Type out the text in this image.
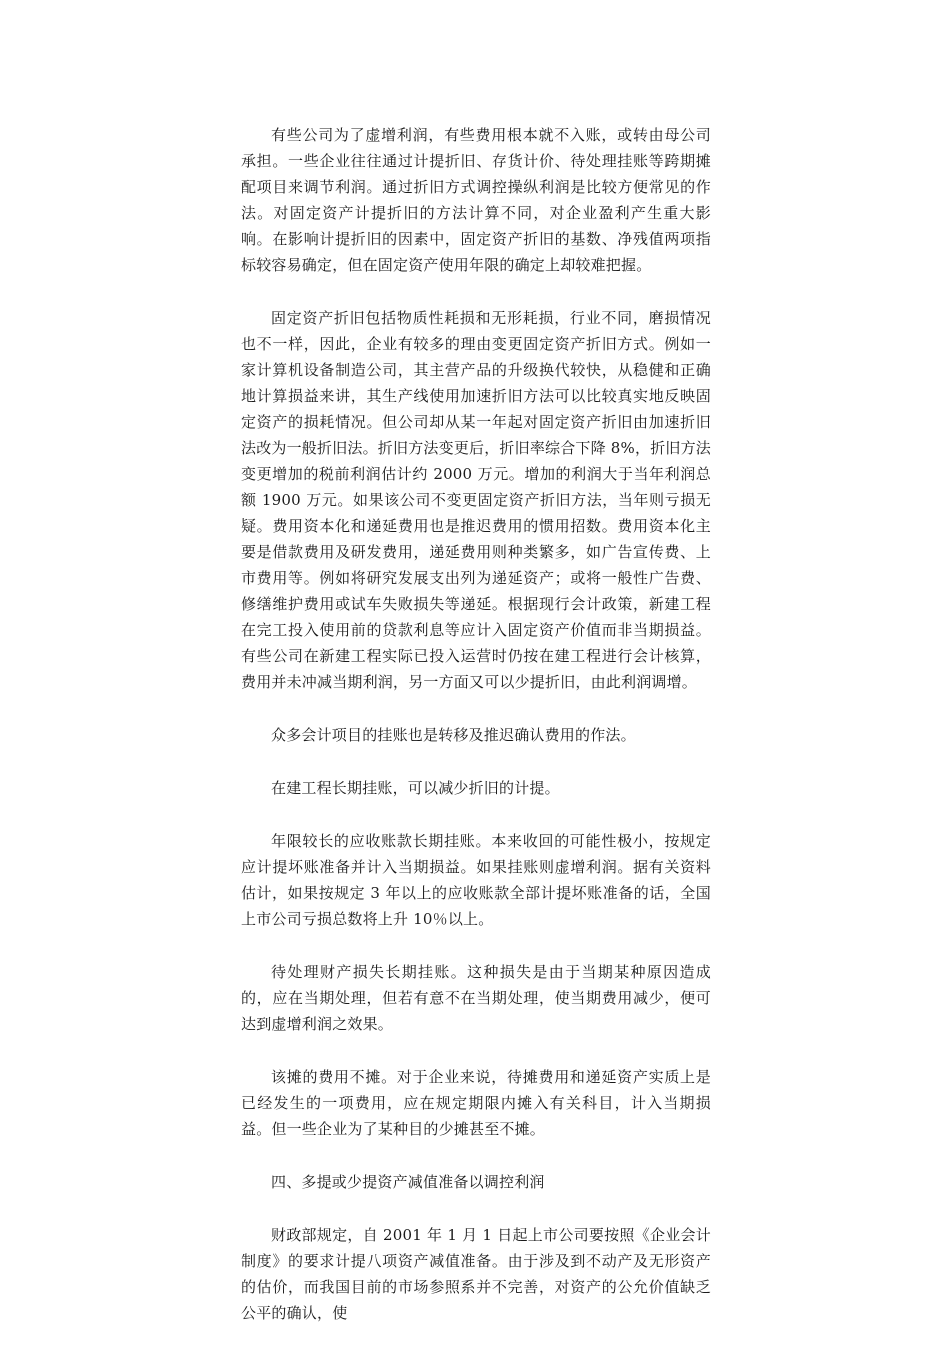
有些公司为了虚增利润，有些费用根本就不入账，或转由母公司承担。一些企业往往通过计提折旧、存货计价、待处理挂账等跨期摊配项目来调节利润。通过折旧方式调控操纵利润是比较方便常见的作法。对固定资产计提折旧的方法计算不同，对企业盈利产生重大影响。在影响计提折旧的因素中，固定资产折旧的基数、净残值两项指标较容易确定，但在固定资产使用年限的确定上却较难把握。

固定资产折旧包括物质性耗损和无形耗损，行业不同，磨损情况也不一样，因此，企业有较多的理由变更固定资产折旧方式。例如一家计算机设备制造公司，其主营产品的升级换代较快，从稳健和正确地计算损益来讲，其生产线使用加速折旧方法可以比较真实地反映固定资产的损耗情况。但公司却从某一年起对固定资产折旧由加速折旧法改为一般折旧法。折旧方法变更后，折旧率综合下降 8%，折旧方法变更增加的税前利润估计约 2000 万元。增加的利润大于当年利润总额 1900 万元。如果该公司不变更固定资产折旧方法，当年则亏损无疑。费用资本化和递延费用也是推迟费用的惯用招数。费用资本化主要是借款费用及研发费用，递延费用则种类繁多，如广告宣传费、上市费用等。例如将研究发展支出列为递延资产；或将一般性广告费、修缮维护费用或试车失败损失等递延。根据现行会计政策，新建工程在完工投入使用前的贷款利息等应计入固定资产价值而非当期损益。有些公司在新建工程实际已投入运营时仍按在建工程进行会计核算，费用并未冲减当期利润，另一方面又可以少提折旧，由此利润调增。

众多会计项目的挂账也是转移及推迟确认费用的作法。

在建工程长期挂账，可以减少折旧的计提。

年限较长的应收账款长期挂账。本来收回的可能性极小，按规定应计提坏账准备并计入当期损益。如果挂账则虚增利润。据有关资料估计，如果按规定 3 年以上的应收账款全部计提坏账准备的话，全国上市公司亏损总数将上升 10％以上。

待处理财产损失长期挂账。这种损失是由于当期某种原因造成的，应在当期处理，但若有意不在当期处理，使当期费用减少，便可达到虚增利润之效果。

该摊的费用不摊。对于企业来说，待摊费用和递延资产实质上是已经发生的一项费用，应在规定期限内摊入有关科目，计入当期损益。但一些企业为了某种目的少摊甚至不摊。

四、多提或少提资产减值准备以调控利润

财政部规定，自 2001 年 1 月 1 日起上市公司要按照《企业会计制度》的要求计提八项资产减值准备。由于涉及到不动产及无形资产的估价，而我国目前的市场参照系并不完善，对资产的公允价值缺乏公平的确认，使
